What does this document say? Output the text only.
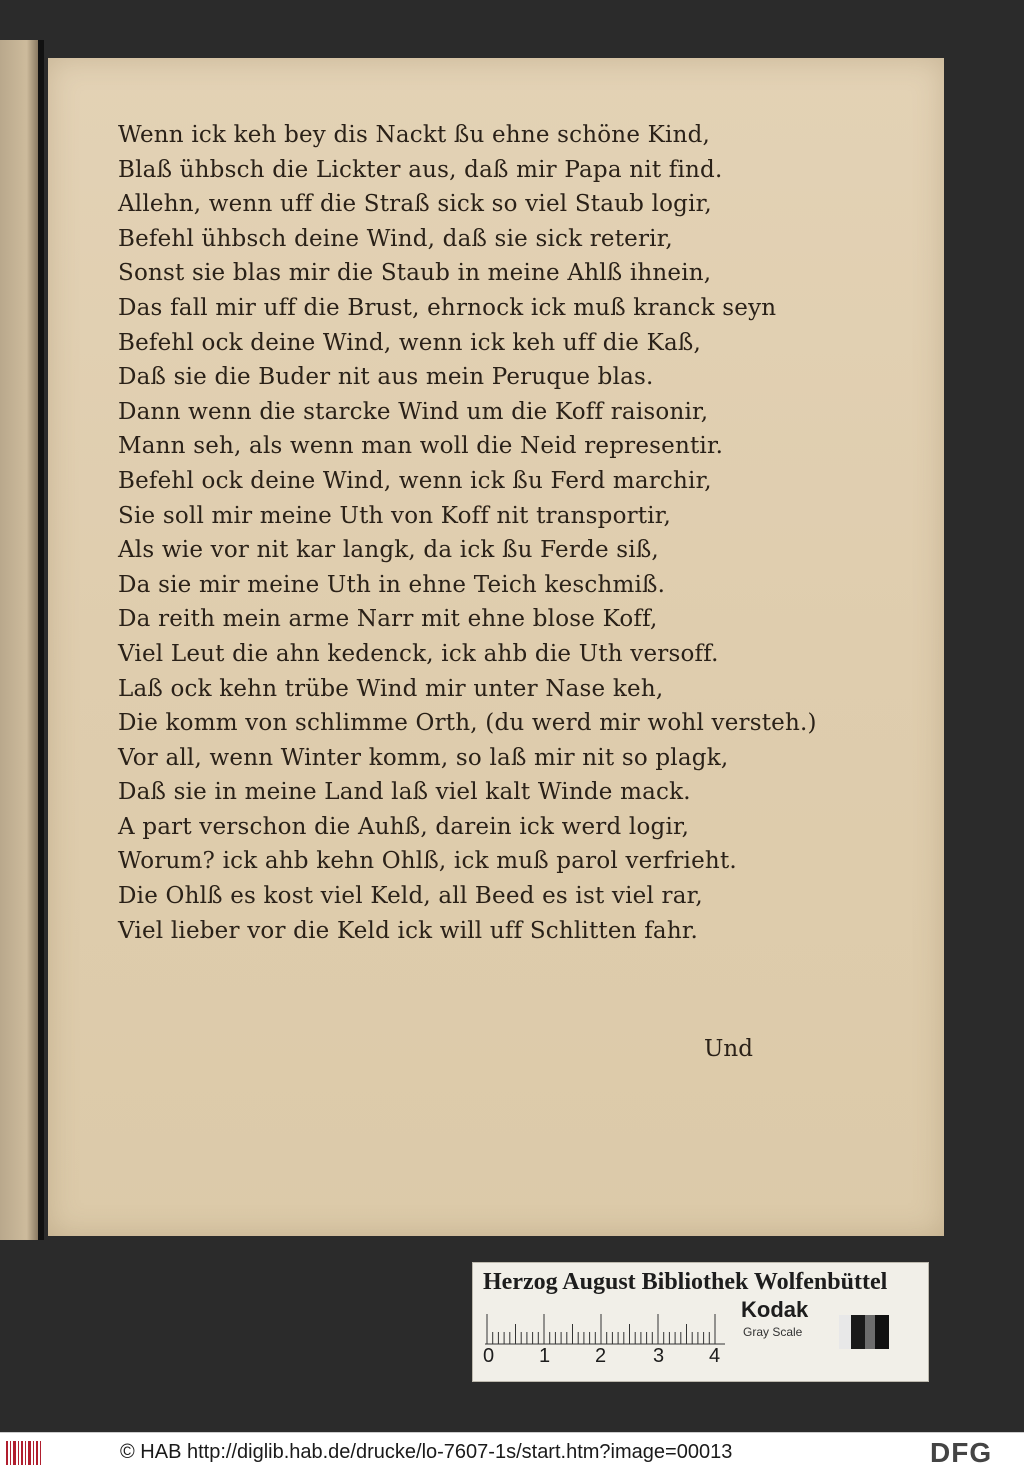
Wenn ick keh bey dis Nackt ßu ehne schöne Kind,
Blaß ühbsch die Lickter aus, daß mir Papa nit find.
Allehn, wenn uff die Straß sick so viel Staub logir,
Befehl ühbsch deine Wind, daß sie sick reterir,
Sonst sie blas mir die Staub in meine Ahlß ihnein,
Das fall mir uff die Brust, ehrnock ick muß kranck seyn
Befehl ock deine Wind, wenn ick keh uff die Kaß,
Daß sie die Buder nit aus mein Peruque blas.
Dann wenn die starcke Wind um die Koff raisonir,
Mann seh, als wenn man woll die Neid representir.
Befehl ock deine Wind, wenn ick ßu Ferd marchir,
Sie soll mir meine Uth von Koff nit transportir,
Als wie vor nit kar langk, da ick ßu Ferde siß,
Da sie mir meine Uth in ehne Teich keschmiß.
Da reith mein arme Narr mit ehne blose Koff,
Viel Leut die ahn kedenck, ick ahb die Uth versoff.
Laß ock kehn trübe Wind mir unter Nase keh,
Die komm von schlimme Orth, (du werd mir wohl versteh.)
Vor all, wenn Winter komm, so laß mir nit so plagk,
Daß sie in meine Land laß viel kalt Winde mack.
A part verschon die Auhß, darein ick werd logir,
Worum? ick ahb kehn Ohlß, ick muß parol verfrieht.
Die Ohlß es kost viel Keld, all Beed es ist viel rar,
Viel lieber vor die Keld ick will uff Schlitten fahr.
Und
Herzog August Bibliothek Wolfenbüttel
0 1 2 3 4
Kodak
Gray Scale
© HAB http://diglib.hab.de/drucke/lo-7607-1s/start.htm?image=00013	DFG
